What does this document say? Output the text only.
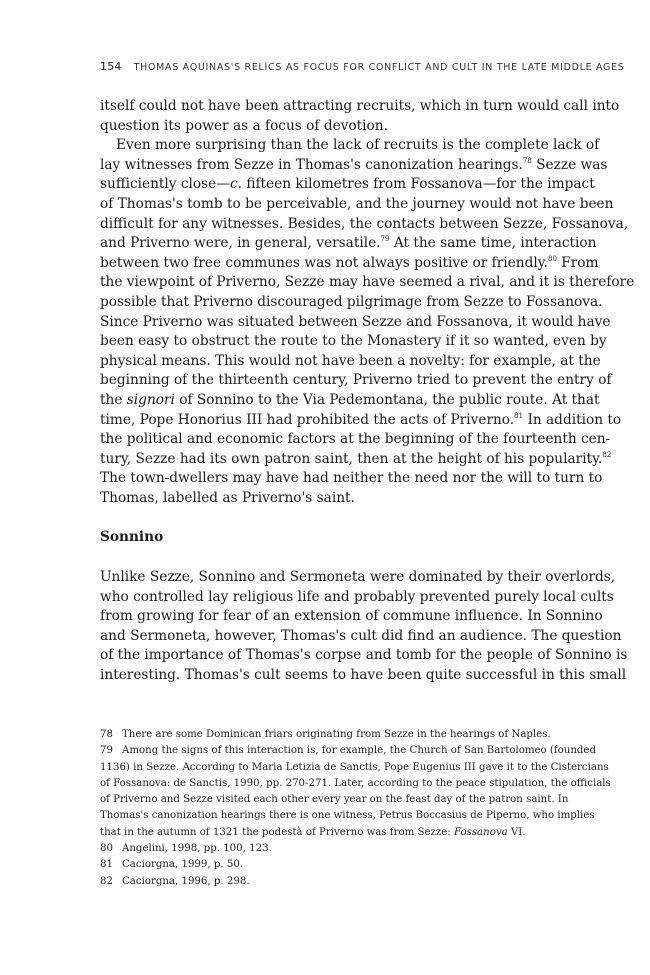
154 THOMAS AQUINAS'S RELICS AS FOCUS FOR CONFLICT AND CULT IN THE LATE MIDDLE AGES
itself could not have been attracting recruits, which in turn would call into
question its power as a focus of devotion.
Even more surprising than the lack of recruits is the complete lack of
lay witnesses from Sezze in Thomas's canonization hearings.$^{78}$ Sezze was
sufficiently close—c. fifteen kilometres from Fossanova—for the impact
of Thomas's tomb to be perceivable, and the journey would not have been
difficult for any witnesses. Besides, the contacts between Sezze, Fossanova,
and Priverno were, in general, versatile.$^{79}$ At the same time, interaction
between two free communes was not always positive or friendly.$^{80}$ From
the viewpoint of Priverno, Sezze may have seemed a rival, and it is therefore
possible that Priverno discouraged pilgrimage from Sezze to Fossanova.
Since Priverno was situated between Sezze and Fossanova, it would have
been easy to obstruct the route to the Monastery if it so wanted, even by
physical means. This would not have been a novelty: for example, at the
beginning of the thirteenth century, Priverno tried to prevent the entry of
the signori of Sonnino to the Via Pedemontana, the public route. At that
time, Pope Honorius III had prohibited the acts of Priverno.$^{81}$ In addition to
the political and economic factors at the beginning of the fourteenth cen-
tury, Sezze had its own patron saint, then at the height of his popularity.$^{82}$
The town-dwellers may have had neither the need nor the will to turn to
Thomas, labelled as Priverno's saint.
Sonnino
Unlike Sezze, Sonnino and Sermoneta were dominated by their overlords,
who controlled lay religious life and probably prevented purely local cults
from growing for fear of an extension of commune influence. In Sonnino
and Sermoneta, however, Thomas's cult did find an audience. The question
of the importance of Thomas's corpse and tomb for the people of Sonnino is
interesting. Thomas's cult seems to have been quite successful in this small
78 There are some Dominican friars originating from Sezze in the hearings of Naples.
79 Among the signs of this interaction is, for example, the Church of San Bartolomeo (founded
1136) in Sezze. According to Maria Letizia de Sanctis, Pope Eugenius III gave it to the Cistercians
of Fossanova: de Sanctis, 1990, pp. 270-271. Later, according to the peace stipulation, the officials
of Priverno and Sezze visited each other every year on the feast day of the patron saint. In
Thomas's canonization hearings there is one witness, Petrus Boccasius de Piperno, who implies
that in the autumn of 1321 the podestà of Priverno was from Sezze: Fossanova VI.
80 Angelini, 1998, pp. 100, 123.
81 Caciorgna, 1999, p. 50.
82 Caciorgna, 1996, p. 298.
